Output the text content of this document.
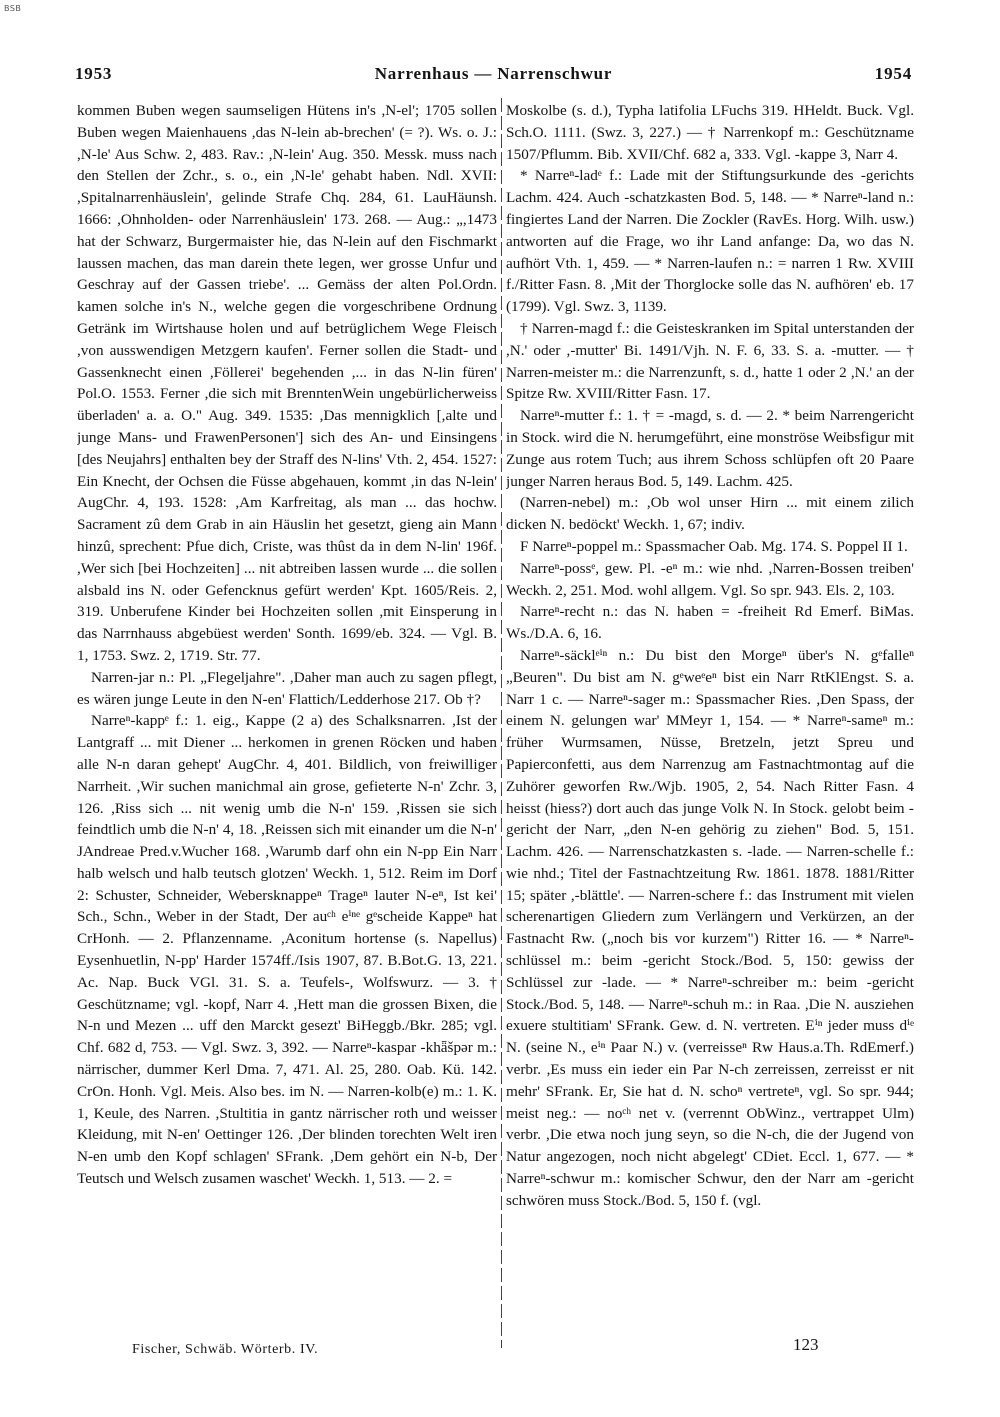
BSB
1953	Narrenhaus — Narrenschwur	1954

kommen Buben wegen saumseligen Hütens in's ,N-el'; 1705 sollen Buben wegen Maienhauens ,das N-lein ab-brechen' (= ?). Ws. o. J.: ,N-le' Aus Schw. 2, 483. Rav.: ,N-lein' Aug. 350. Messk. muss nach den Stellen der Zchr., s. o., ein ,N-le' gehabt haben. Ndl. XVII: ,Spitalnarrenhäuslein', gelinde Strafe Chq. 284, 61. LauHäunsh. 1666: ,Ohnholden- oder Narrenhäuslein' 173. 268. — Aug.: „,1473 hat der Schwarz, Burgermaister hie, das N-lein auf den Fischmarkt laussen machen, das man darein thete legen, wer grosse Unfur und Geschray auf der Gassen triebe'. ... Gemäss der alten Pol.Ordn. kamen solche in's N., welche gegen die vorgeschribene Ordnung Getränk im Wirtshause holen und auf betrüglichem Wege Fleisch ,von ausswendigen Metzgern kaufen'. Ferner sollen die Stadt- und Gassenknecht einen ,Föllerei' begehenden ,... in das N-lin füren' Pol.O. 1553. Ferner ,die sich mit BrenntenWein ungebürlicherweiss überladen' a. a. O." Aug. 349. 1535: ,Das mennigklich [,alte und junge Mans- und FrawenPersonen'] sich des An- und Einsingens [des Neujahrs] enthalten bey der Straff des N-lins' Vth. 2, 454. 1527: Ein Knecht, der Ochsen die Füsse abgehauen, kommt ,in das N-lein' AugChr. 4, 193. 1528: ,Am Karfreitag, als man ... das hochw. Sacrament zû dem Grab in ain Häuslin het gesetzt, gieng ain Mann hinzû, sprechent: Pfue dich, Criste, was thûst da in dem N-lin' 196f. ,Wer sich [bei Hochzeiten] ... nit abtreiben lassen wurde ... die sollen alsbald ins N. oder Gefencknus gefürt werden' Kpt. 1605/Reis. 2, 319. Unberufene Kinder bei Hochzeiten sollen ,mit Einsperung in das Narrnhauss abgebüest werden' Sonth. 1699/eb. 324. — Vgl. B. 1, 1753. Swz. 2, 1719. Str. 77.

Narren-jar n.: Pl. „Flegeljahre". ,Daher man auch zu sagen pflegt, es wären junge Leute in den N-en' Flattich/Ledderhose 217. Ob †?

Narreⁿ-kappᵉ f.: 1. eig., Kappe (2 a) des Schalksnarren. ,Ist der Lantgraff ... mit Diener ... herkomen in grenen Röcken und haben alle N-n daran gehept' AugChr. 4, 401. Bildlich, von freiwilliger Narrheit. ,Wir suchen manichmal ain grose, gefieterte N-n' Zchr. 3, 126. ,Riss sich ... nit wenig umb die N-n' 159. ,Rissen sie sich feindtlich umb die N-n' 4, 18. ,Reissen sich mit einander um die N-n' JAndreae Pred.v.Wucher 168. ,Warumb darf ohn ein N-pp Ein Narr halb welsch und halb teutsch glotzen' Weckh. 1, 512. Reim im Dorf 2: Schuster, Schneider, Webersknappeⁿ Trageⁿ lauter N-eⁿ, Ist kei' Sch., Schn., Weber in der Stadt, Der auᶜʰ eⁱⁿᵉ gᵉscheide Kappeⁿ hat CrHonh. — 2. Pflanzenname. ,Aconitum hortense (s. Napellus) Eysenhuetlin, N-pp' Harder 1574ff./Isis 1907, 87. B.Bot.G. 13, 221. Ac. Nap. Buck VGl. 31. S. a. Teufels-, Wolfswurz. — 3. † Geschützname; vgl. -kopf, Narr 4. ,Hett man die grossen Bixen, die N-n und Mezen ... uff den Marckt gesezt' BiHeggb./Bkr. 285; vgl. Chf. 682 d, 753. — Vgl. Swz. 3, 392. — Narreⁿ-kaspar -khǟšpər m.: närrischer, dummer Kerl Dma. 7, 471. Al. 25, 280. Oab. Kü. 142. CrOn. Honh. Vgl. Meis. Also bes. im N. — Narren-kolb(e) m.: 1. K. 1, Keule, des Narren. ,Stultitia in gantz närrischer roth und weisser Kleidung, mit N-en' Oettinger 126. ,Der blinden torechten Welt iren N-en umb den Kopf schlagen' SFrank. ,Dem gehört ein N-b, Der Teutsch und Welsch zusamen waschet' Weckh. 1, 513. — 2. =

Moskolbe (s. d.), Typha latifolia LFuchs 319. HHeldt. Buck. Vgl. Sch.O. 1111. (Swz. 3, 227.) — † Narrenkopf m.: Geschützname 1507/Pflumm. Bib. XVII/Chf. 682 a, 333. Vgl. -kappe 3, Narr 4.

* Narreⁿ-ladᵉ f.: Lade mit der Stiftungsurkunde des -gerichts Lachm. 424. Auch -schatzkasten Bod. 5, 148. — * Narreⁿ-land n.: fingiertes Land der Narren. Die Zockler (RavEs. Horg. Wilh. usw.) antworten auf die Frage, wo ihr Land anfange: Da, wo das N. aufhört Vth. 1, 459. — * Narren-laufen n.: = narren 1 Rw. XVIII f./Ritter Fasn. 8. ,Mit der Thorglocke solle das N. aufhören' eb. 17 (1799). Vgl. Swz. 3, 1139.

† Narren-magd f.: die Geisteskranken im Spital unterstanden der ,N.' oder ,-mutter' Bi. 1491/Vjh. N. F. 6, 33. S. a. -mutter. — † Narren-meister m.: die Narrenzunft, s. d., hatte 1 oder 2 ,N.' an der Spitze Rw. XVIII/Ritter Fasn. 17.

Narreⁿ-mutter f.: 1. † = -magd, s. d. — 2. * beim Narrengericht in Stock. wird die N. herumgeführt, eine monströse Weibsfigur mit Zunge aus rotem Tuch; aus ihrem Schoss schlüpfen oft 20 Paare junger Narren heraus Bod. 5, 149. Lachm. 425.

(Narren-nebel) m.: ,Ob wol unser Hirn ... mit einem zilich dicken N. bedöckt' Weckh. 1, 67; indiv.

F Narreⁿ-poppel m.: Spassmacher Oab. Mg. 174. S. Poppel II 1.

Narreⁿ-possᵉ, gew. Pl. -eⁿ m.: wie nhd. ,Narren-Bossen treiben' Weckh. 2, 251. Mod. wohl allgem. Vgl. So spr. 943. Els. 2, 103.

Narreⁿ-recht n.: das N. haben = -freiheit Rd Emerf. BiMas. Ws./D.A. 6, 16.

Narreⁿ-säcklᵉⁱⁿ n.: Du bist den Morgeⁿ über's N. gᵉfalleⁿ „Beuren". Du bist am N. gᵉweᵉeⁿ bist ein Narr RtKlEngst. S. a. Narr 1 c. — Narreⁿ-sager m.: Spassmacher Ries. ,Den Spass, der einem N. gelungen war' MMeyr 1, 154. — * Narreⁿ-sameⁿ m.: früher Wurmsamen, Nüsse, Bretzeln, jetzt Spreu und Papierconfetti, aus dem Narrenzug am Fastnachtmontag auf die Zuhörer geworfen Rw./Wjb. 1905, 2, 54. Nach Ritter Fasn. 4 heisst (hiess?) dort auch das junge Volk N. In Stock. gelobt beim -gericht der Narr, „den N-en gehörig zu ziehen" Bod. 5, 151. Lachm. 426. — Narrenschatzkasten s. -lade. — Narren-schelle f.: wie nhd.; Titel der Fastnachtzeitung Rw. 1861. 1878. 1881/Ritter 15; später ,-blättle'. — Narren-schere f.: das Instrument mit vielen scherenartigen Gliedern zum Verlängern und Verkürzen, an der Fastnacht Rw. („noch bis vor kurzem") Ritter 16. — * Narreⁿ-schlüssel m.: beim -gericht Stock./Bod. 5, 150: gewiss der Schlüssel zur -lade. — * Narreⁿ-schreiber m.: beim -gericht Stock./Bod. 5, 148. — Narreⁿ-schuh m.: in Raa. ,Die N. ausziehen exuere stultitiam' SFrank. Gew. d. N. vertreten. Eⁱⁿ jeder muss dⁱᵉ N. (seine N., eⁱⁿ Paar N.) v. (verreisseⁿ Rw Haus.a.Th. RdEmerf.) verbr. ,Es muss ein ieder ein Par N-ch zerreissen, zerreisst er nit mehr' SFrank. Er, Sie hat d. N. schoⁿ vertreteⁿ, vgl. So spr. 944; meist neg.: — noᶜʰ net v. (verrennt ObWinz., vertrappet Ulm) verbr. ,Die etwa noch jung seyn, so die N-ch, die der Jugend von Natur angezogen, noch nicht abgelegt' CDiet. Eccl. 1, 677. — * Narreⁿ-schwur m.: komischer Schwur, den der Narr am -gericht schwören muss Stock./Bod. 5, 150 f. (vgl.

Fischer, Schwäb. Wörterb. IV.	123
